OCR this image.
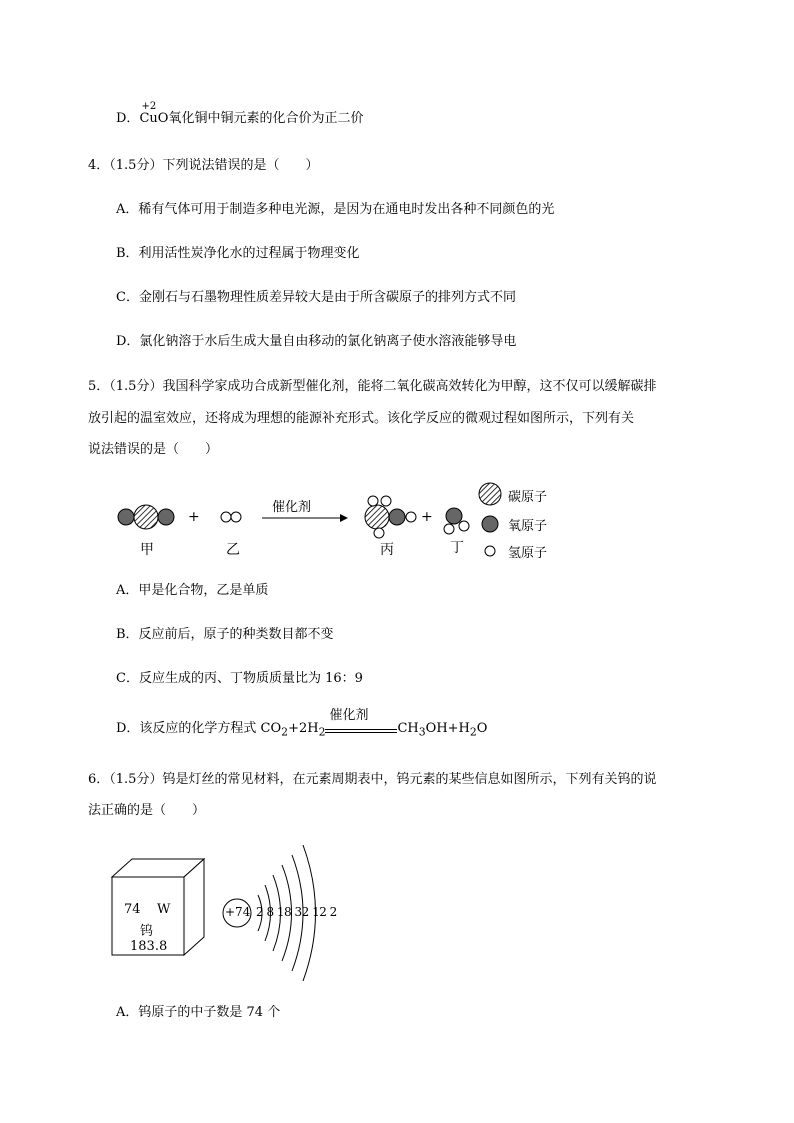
D．
+2
CuO氧化铜中铜元素的化合价为正二价
4．（1.5分）下列说法错误的是（　　）
A．稀有气体可用于制造多种电光源，是因为在通电时发出各种不同颜色的光
B．利用活性炭净化水的过程属于物理变化
C．金刚石与石墨物理性质差异较大是由于所含碳原子的排列方式不同
D．氯化钠溶于水后生成大量自由移动的氯化钠离子使水溶液能够导电
5．（1.5分）我国科学家成功合成新型催化剂，能将二氧化碳高效转化为甲醇，这不仅可以缓解碳排
放引起的温室效应，还将成为理想的能源补充形式。该化学反应的微观过程如图所示，下列有关
说法错误的是（　　）
甲
+
乙
催化剂
丙
+
丁
碳原子
氧原子
氢原子
A．甲是化合物，乙是单质
B．反应前后，原子的种类数目都不变
C．反应生成的丙、丁物质质量比为 16：9
D．该反应的化学方程式 $CO_2+2H_2$
催化剂
$CH_3OH+H_2O$
6．（1.5分）钨是灯丝的常见材料，在元素周期表中，钨元素的某些信息如图所示，下列有关钨的说
法正确的是（　　）
74 W
钨
183.8
+74 2 8 18 32 12 2
A．钨原子的中子数是 74 个
